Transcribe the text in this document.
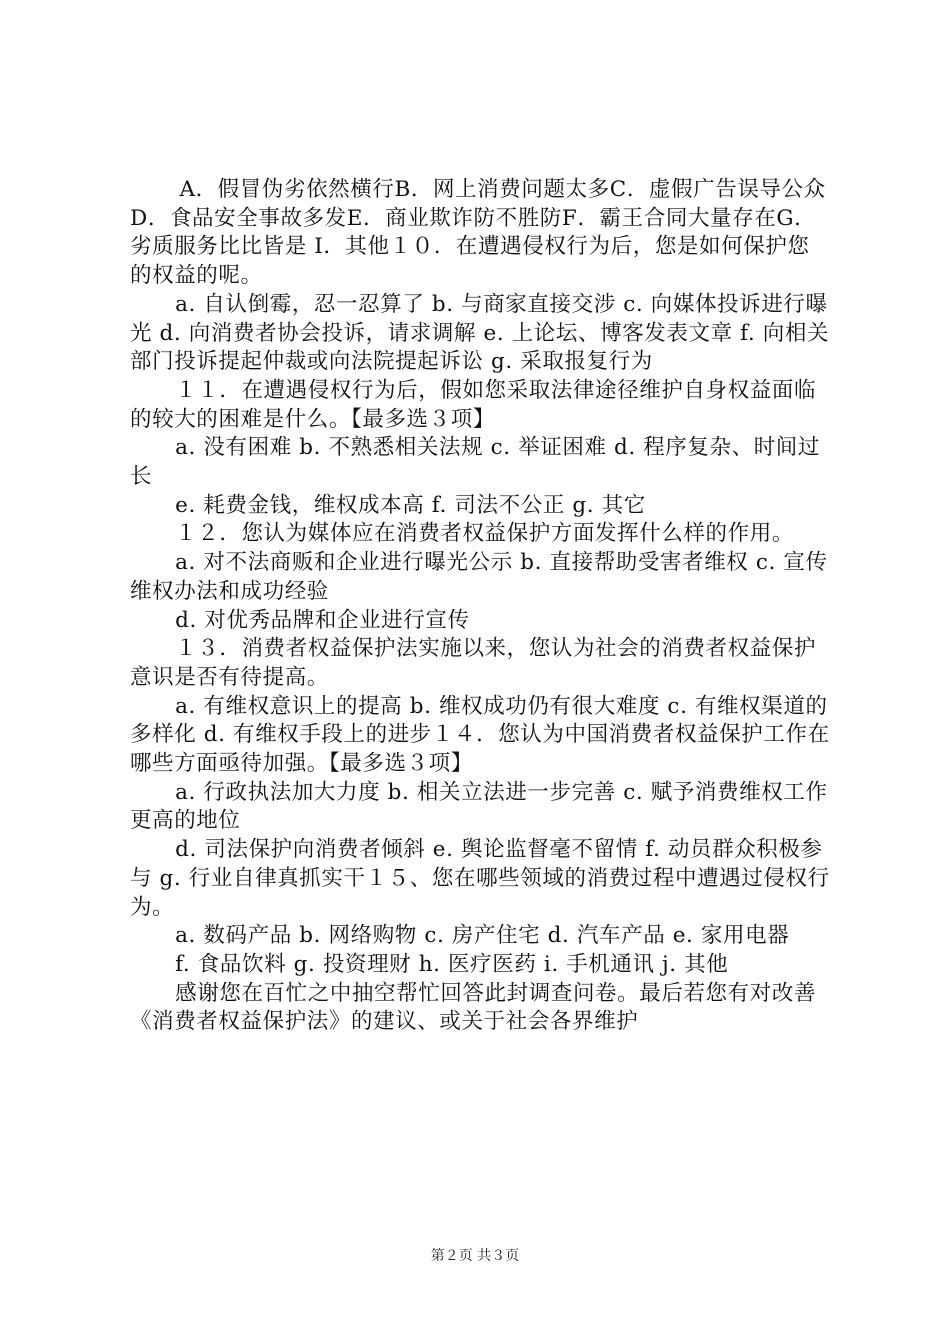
A．假冒伪劣依然横行B．网上消费问题太多C．虚假广告误导公众D．食品安全事故多发E．商业欺诈防不胜防F．霸王合同大量存在G．劣质服务比比皆是 I．其他１０．在遭遇侵权行为后，您是如何保护您的权益的呢。

a. 自认倒霉，忍一忍算了 b. 与商家直接交涉 c. 向媒体投诉进行曝光 d. 向消费者协会投诉，请求调解 e. 上论坛、博客发表文章 f. 向相关部门投诉提起仲裁或向法院提起诉讼 g. 采取报复行为

１１．在遭遇侵权行为后，假如您采取法律途径维护自身权益面临的较大的困难是什么。【最多选３项】

a. 没有困难 b. 不熟悉相关法规 c. 举证困难 d. 程序复杂、时间过长

e. 耗费金钱，维权成本高 f. 司法不公正 g. 其它

１２．您认为媒体应在消费者权益保护方面发挥什么样的作用。

a. 对不法商贩和企业进行曝光公示 b. 直接帮助受害者维权 c. 宣传维权办法和成功经验

d. 对优秀品牌和企业进行宣传

１３．消费者权益保护法实施以来，您认为社会的消费者权益保护意识是否有待提高。

a. 有维权意识上的提高 b. 维权成功仍有很大难度 c. 有维权渠道的多样化 d. 有维权手段上的进步１４．您认为中国消费者权益保护工作在哪些方面亟待加强。【最多选３项】

a. 行政执法加大力度 b. 相关立法进一步完善 c. 赋予消费维权工作更高的地位

d. 司法保护向消费者倾斜 e. 舆论监督毫不留情 f. 动员群众积极参与 g. 行业自律真抓实干１５、您在哪些领域的消费过程中遭遇过侵权行为。

a. 数码产品 b. 网络购物 c. 房产住宅 d. 汽车产品 e. 家用电器

f. 食品饮料 g. 投资理财 h. 医疗医药 i. 手机通讯 j. 其他

感谢您在百忙之中抽空帮忙回答此封调查问卷。最后若您有对改善《消费者权益保护法》的建议、或关于社会各界维护

第２页 共３页
